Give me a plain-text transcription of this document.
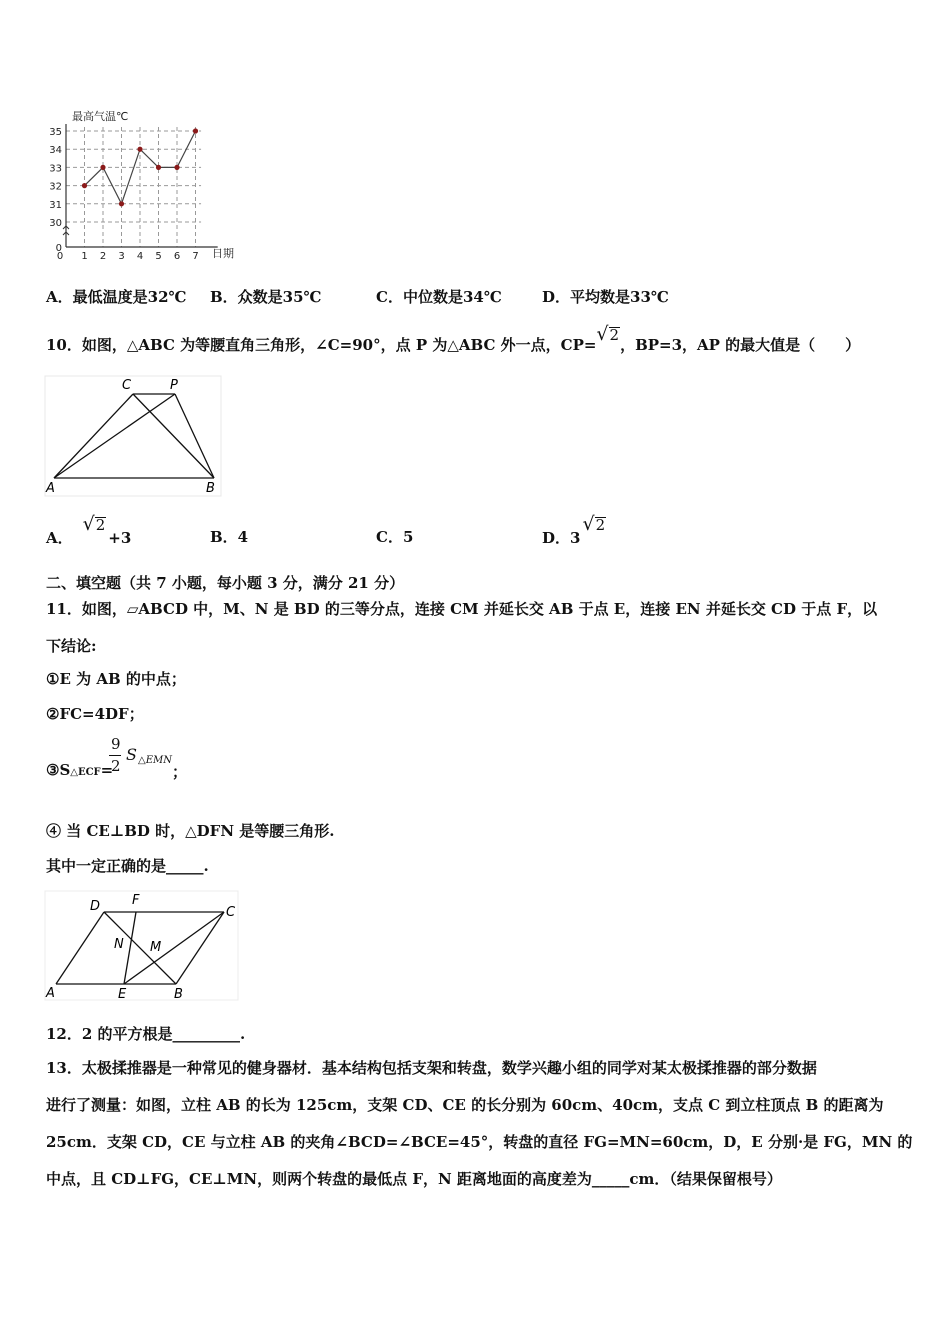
0
30
31
32
33
34
35
0 1 2 3 4 5 6 7
最高气温℃
日期
A．最低温度是32℃ B．众数是35℃	C．中位数是34℃	D．平均数是33℃
10．如图，△ABC 为等腰直角三角形，∠C=90°，点 P 为△ABC 外一点，CP=√2，BP=3，AP 的最大值是（　　）
C	P
A	B
A．√2+3	B．4	C．5	D．3√2
二、填空题（共 7 小题，每小题 3 分，满分 21 分）
11．如图，▱ABCD 中，M、N 是 BD 的三等分点，连接 CM 并延长交 AB 于点 E，连接 EN 并延长交 CD 于点 F，以
下结论:
①E 为 AB 的中点；
②FC=4DF；
③S△ECF=
9
2
S △EMN
；
④ 当 CE⊥BD 时，△DFN 是等腰三角形.
其中一定正确的是_____.
D F
C
N M
A	E	B
12．2 的平方根是_________.
13．太极揉推器是一种常见的健身器材．基本结构包括支架和转盘，数学兴趣小组的同学对某太极揉推器的部分数据
进行了测量：如图，立柱 AB 的长为 125cm，支架 CD、CE 的长分别为 60cm、40cm，支点 C 到立柱顶点 B 的距离为
25cm．支架 CD，CE 与立柱 AB 的夹角∠BCD=∠BCE=45°，转盘的直径 FG=MN=60cm，D，E 分别·是 FG，MN 的
中点，且 CD⊥FG，CE⊥MN，则两个转盘的最低点 F，N 距离地面的高度差为_____cm．（结果保留根号）
